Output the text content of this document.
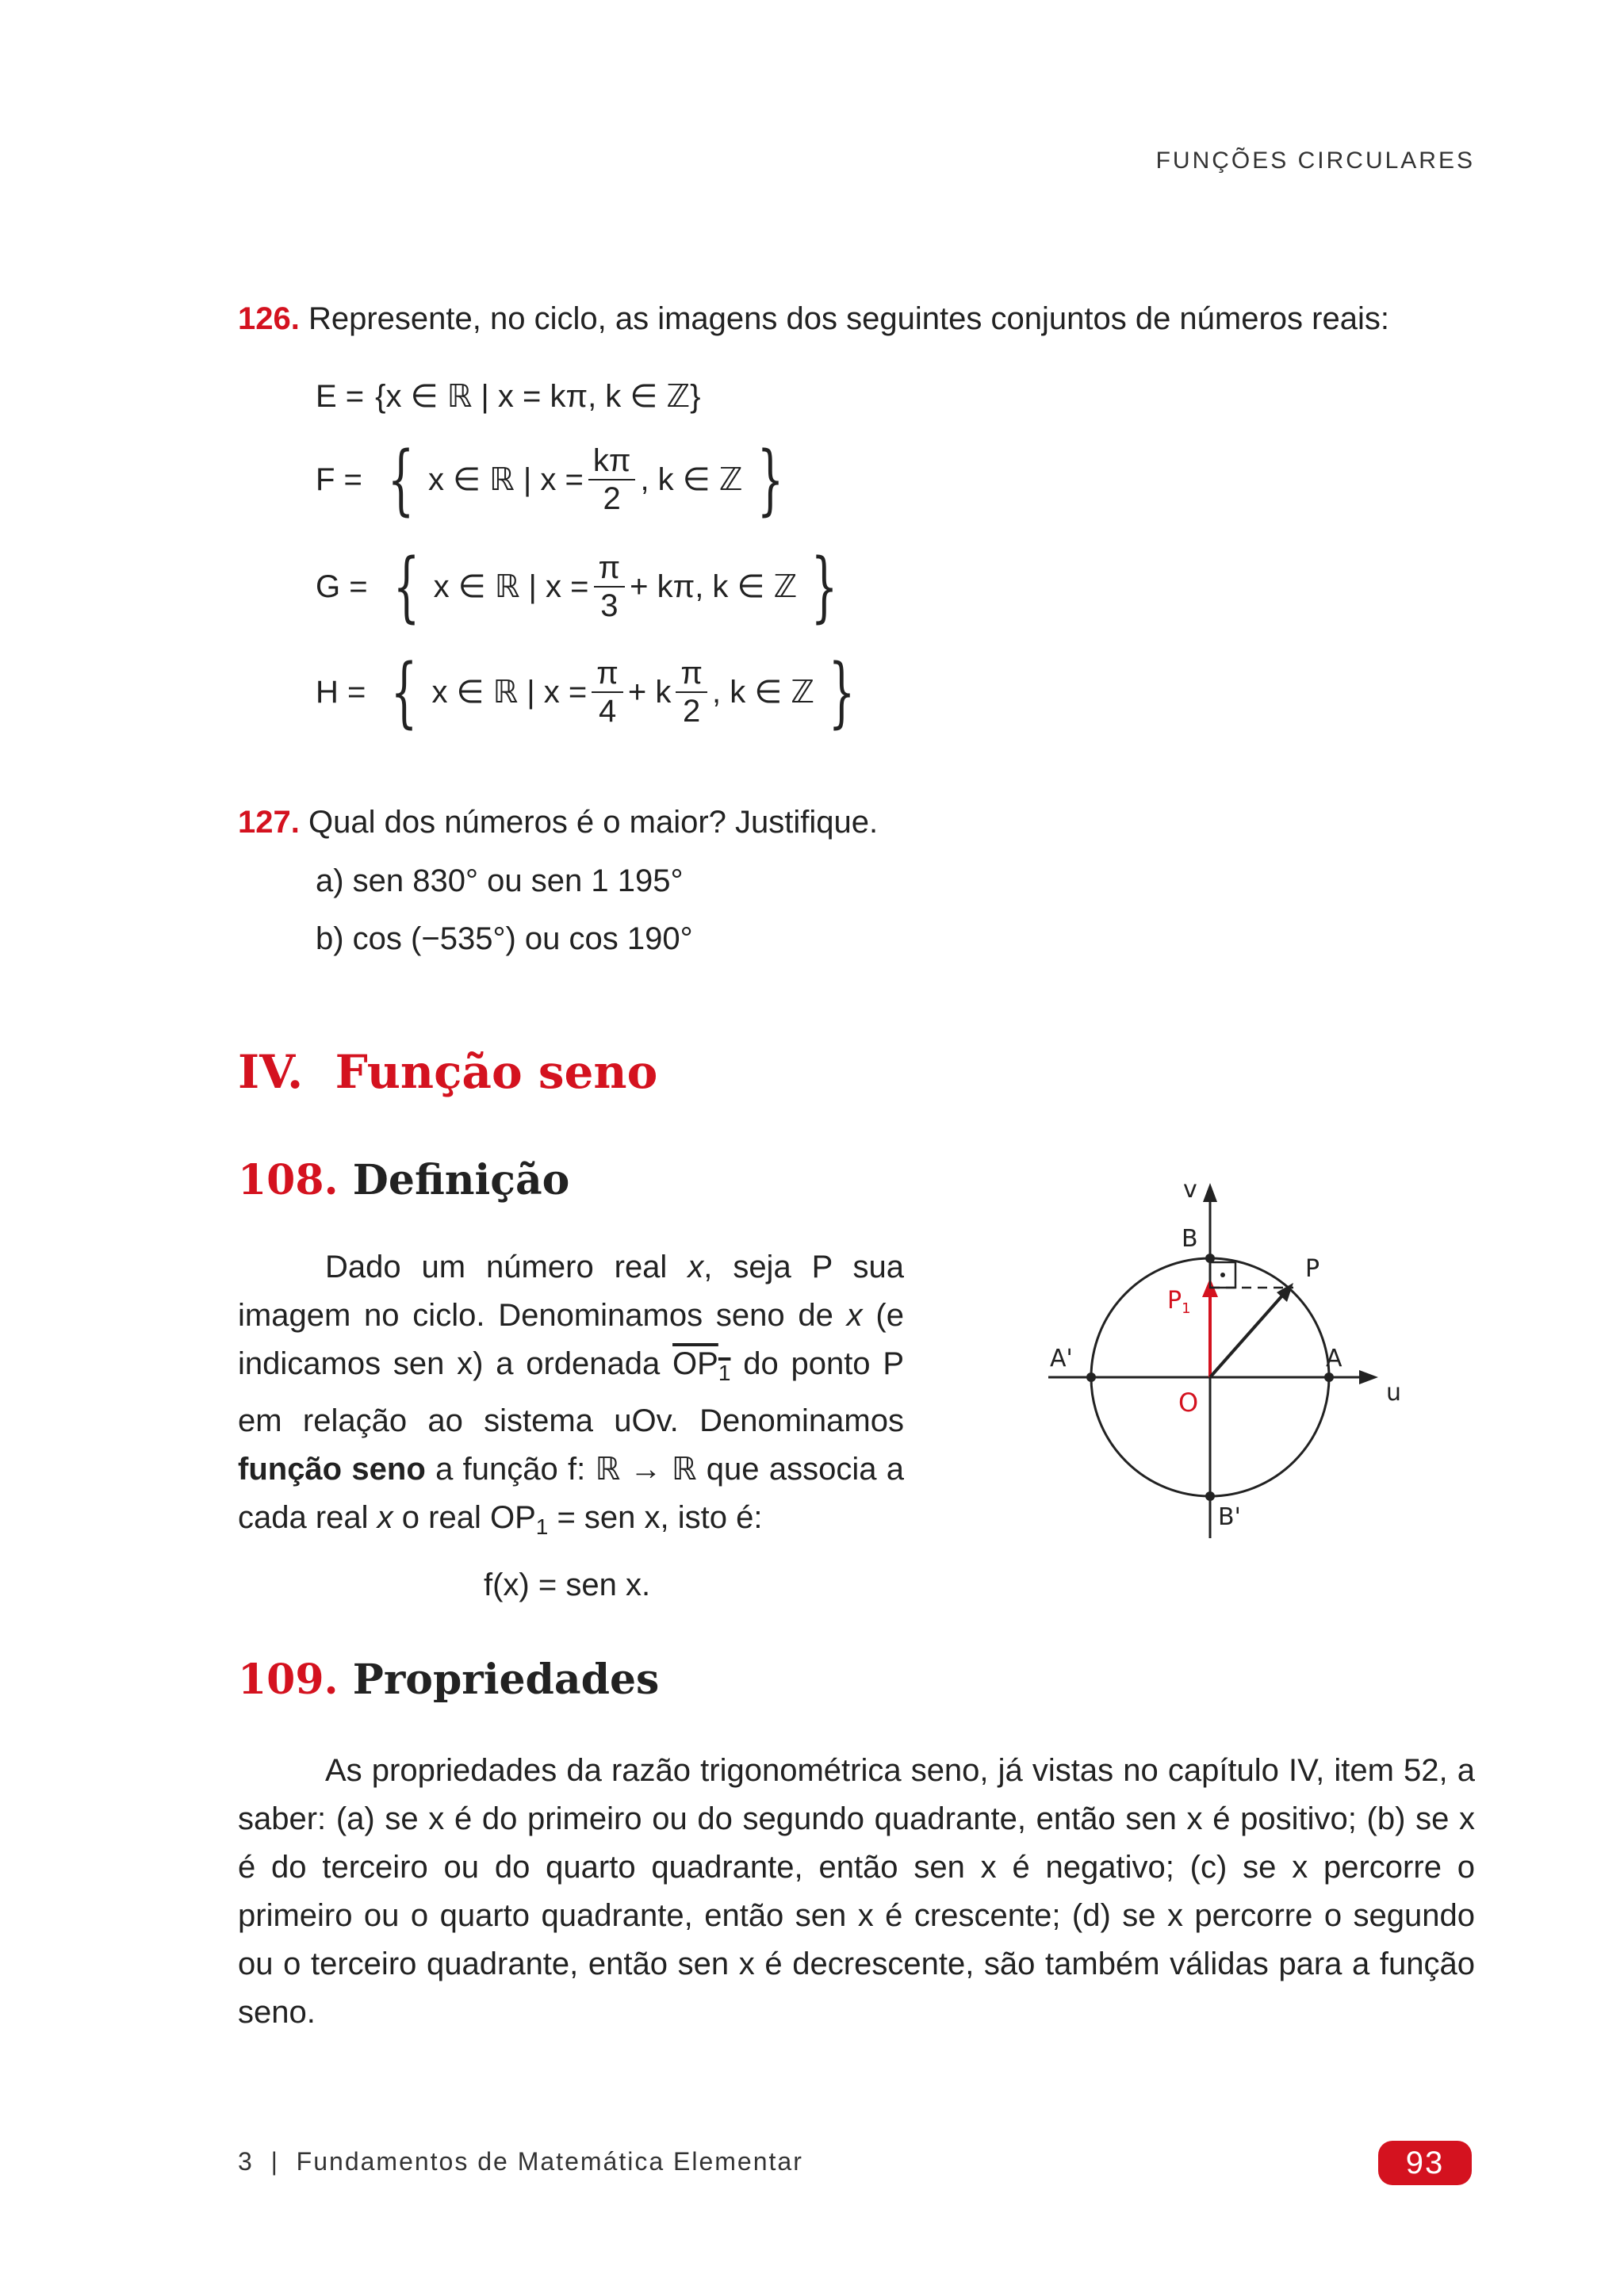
FUNÇÕES CIRCULARES
126. Represente, no ciclo, as imagens dos seguintes conjuntos de números reais:
E = {x ∈ ℝ | x = kπ, k ∈ ℤ}
F = { x ∈ ℝ | $x = \frac{k\pi}{2}$ , k ∈ ℤ }
G = { x ∈ ℝ | $x = \frac{\pi}{3} + k\pi$, k ∈ ℤ }
H = { x ∈ ℝ | $x = \frac{\pi}{4} + k \frac{\pi}{2}$ , k ∈ ℤ }
127. Qual dos números é o maior? Justifique.
a) sen 830° ou sen 1 195°
b) cos (−535°) ou cos 190°
IV.  Função seno
108. Definição
Dado um número real x, seja P sua imagem no ciclo. Denominamos seno de x (e indicamos sen x) a ordenada $OP_1$ do ponto P em relação ao sistema uOv. Denominamos função seno a função f: ℝ → ℝ que associa a cada real x o real $OP_1$ = sen x, isto é:
f(x) = sen x.
v
u
B
B'
A'	A
O
P
$P_1$
109. Propriedades
As propriedades da razão trigonométrica seno, já vistas no capítulo IV, item 52, a saber: (a) se x é do primeiro ou do segundo quadrante, então sen x é positivo; (b) se x é do terceiro ou do quarto quadrante, então sen x é negativo; (c) se x percorre o primeiro ou o quarto quadrante, então sen x é crescente; (d) se x percorre o segundo ou o terceiro quadrante, então sen x é decrescente, são também válidas para a função seno.
3  |  Fundamentos de Matemática Elementar	93
